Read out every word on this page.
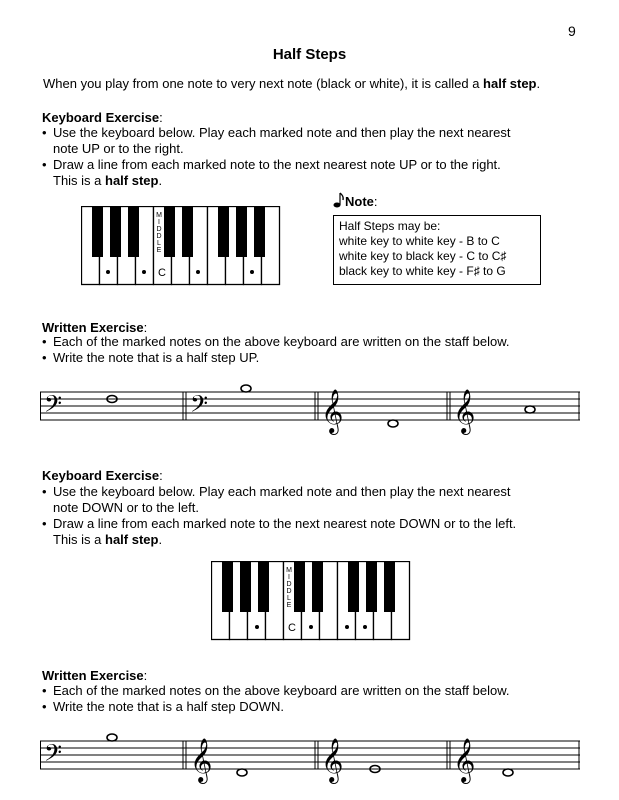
9
Half Steps
When you play from one note to very next note (black or white), it is called a half step.
Keyboard Exercise:
• Use the keyboard below. Play each marked note and then play the next nearest
note UP or to the right.
• Draw a line from each marked note to the next nearest note UP or to the right.
This is a half step.
M I D D L E
C
Note:
Half Steps may be:
white key to white key - B to C
white key to black key - C to C♯
black key to white key - F♯ to G
Written Exercise:
• Each of the marked notes on the above keyboard are written on the staff below.
• Write the note that is a half step UP.
𝄢	𝄢	𝄞	𝄞
Keyboard Exercise:
• Use the keyboard below. Play each marked note and then play the next nearest
note DOWN or to the left.
• Draw a line from each marked note to the next nearest note DOWN or to the left.
This is a half step.
M I D D L E
C
Written Exercise:
• Each of the marked notes on the above keyboard are written on the staff below.
• Write the note that is a half step DOWN.
𝄢	𝄞	𝄞	𝄞
